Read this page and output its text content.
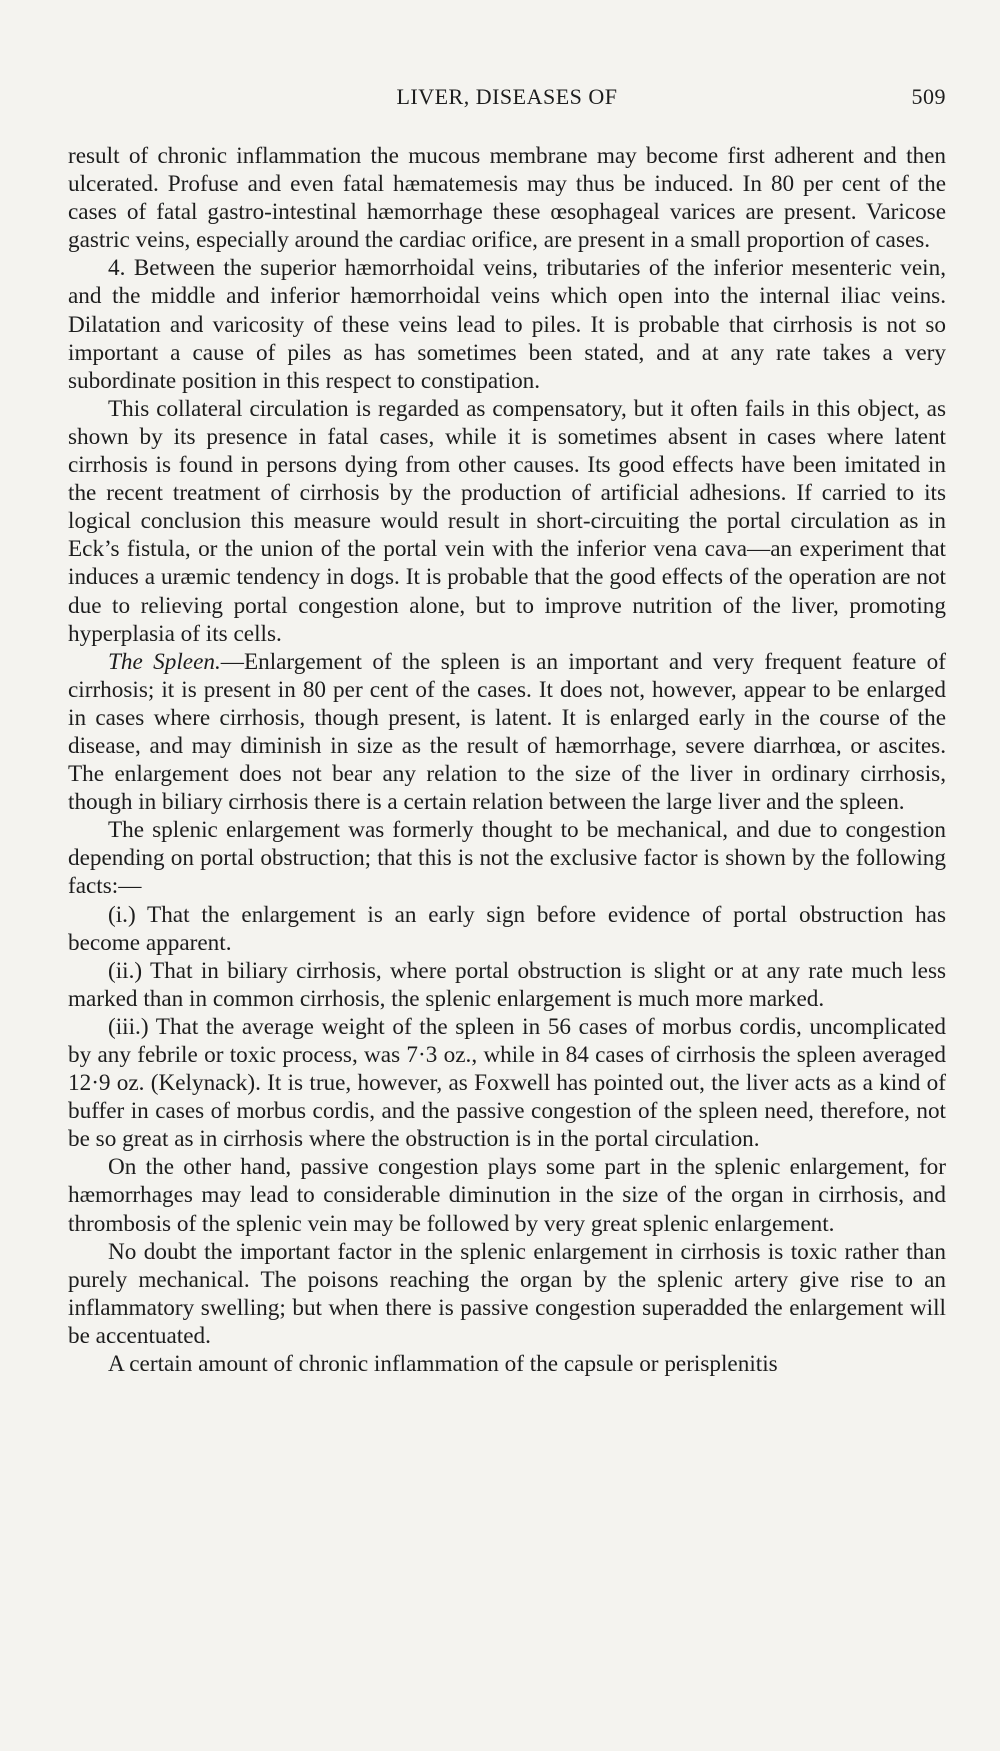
LIVER, DISEASES OF	509

result of chronic inflammation the mucous membrane may become first adherent and then ulcerated. Profuse and even fatal hæmatemesis may thus be induced. In 80 per cent of the cases of fatal gastro-intestinal hæmorrhage these œsophageal varices are present. Varicose gastric veins, especially around the cardiac orifice, are present in a small proportion of cases.

4. Between the superior hæmorrhoidal veins, tributaries of the inferior mesenteric vein, and the middle and inferior hæmorrhoidal veins which open into the internal iliac veins. Dilatation and varicosity of these veins lead to piles. It is probable that cirrhosis is not so important a cause of piles as has sometimes been stated, and at any rate takes a very subordinate position in this respect to constipation.

This collateral circulation is regarded as compensatory, but it often fails in this object, as shown by its presence in fatal cases, while it is sometimes absent in cases where latent cirrhosis is found in persons dying from other causes. Its good effects have been imitated in the recent treatment of cirrhosis by the production of artificial adhesions. If carried to its logical conclusion this measure would result in short-circuiting the portal circulation as in Eck’s fistula, or the union of the portal vein with the inferior vena cava—an experiment that induces a uræmic tendency in dogs. It is probable that the good effects of the operation are not due to relieving portal congestion alone, but to improve nutrition of the liver, promoting hyperplasia of its cells.

The Spleen.—Enlargement of the spleen is an important and very frequent feature of cirrhosis; it is present in 80 per cent of the cases. It does not, however, appear to be enlarged in cases where cirrhosis, though present, is latent. It is enlarged early in the course of the disease, and may diminish in size as the result of hæmorrhage, severe diarrhœa, or ascites. The enlargement does not bear any relation to the size of the liver in ordinary cirrhosis, though in biliary cirrhosis there is a certain relation between the large liver and the spleen.

The splenic enlargement was formerly thought to be mechanical, and due to congestion depending on portal obstruction; that this is not the exclusive factor is shown by the following facts:—

(i.) That the enlargement is an early sign before evidence of portal obstruction has become apparent.

(ii.) That in biliary cirrhosis, where portal obstruction is slight or at any rate much less marked than in common cirrhosis, the splenic enlargement is much more marked.

(iii.) That the average weight of the spleen in 56 cases of morbus cordis, uncomplicated by any febrile or toxic process, was 7·3 oz., while in 84 cases of cirrhosis the spleen averaged 12·9 oz. (Kelynack). It is true, however, as Foxwell has pointed out, the liver acts as a kind of buffer in cases of morbus cordis, and the passive congestion of the spleen need, therefore, not be so great as in cirrhosis where the obstruction is in the portal circulation.

On the other hand, passive congestion plays some part in the splenic enlargement, for hæmorrhages may lead to considerable diminution in the size of the organ in cirrhosis, and thrombosis of the splenic vein may be followed by very great splenic enlargement.

No doubt the important factor in the splenic enlargement in cirrhosis is toxic rather than purely mechanical. The poisons reaching the organ by the splenic artery give rise to an inflammatory swelling; but when there is passive congestion superadded the enlargement will be accentuated.

A certain amount of chronic inflammation of the capsule or perisplenitis
